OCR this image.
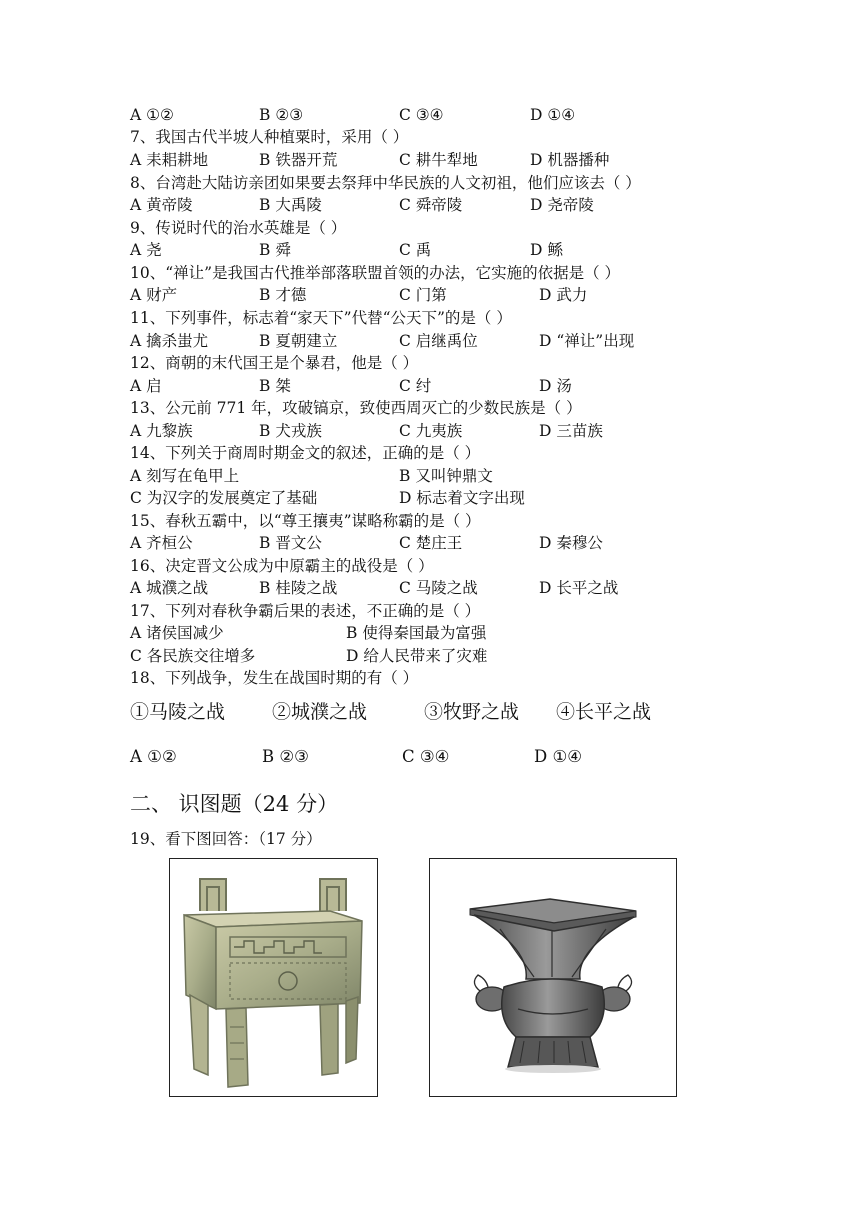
A ①②	B ②③	C ③④	D ①④
7、我国古代半坡人种植粟时，采用（ ）
A 耒耜耕地	B 铁器开荒	C 耕牛犁地	D 机器播种
8、台湾赴大陆访亲团如果要去祭拜中华民族的人文初祖，他们应该去（ ）
A 黄帝陵	B 大禹陵	C 舜帝陵	D 尧帝陵
9、传说时代的治水英雄是（ ）
A 尧	B 舜	C 禹	D 鲧
10、“禅让”是我国古代推举部落联盟首领的办法，它实施的依据是（ ）
A 财产	B 才德	C 门第	D 武力
11、下列事件，标志着“家天下”代替“公天下”的是（ ）
A 擒杀蚩尤	B 夏朝建立	C 启继禹位	D “禅让”出现
12、商朝的末代国王是个暴君，他是（ ）
A 启	B 桀	C 纣	D 汤
13、公元前 771 年，攻破镐京，致使西周灭亡的少数民族是（ ）
A 九黎族	B 犬戎族	C 九夷族	D 三苗族
14、下列关于商周时期金文的叙述，正确的是（ ）
A 刻写在龟甲上	B 又叫钟鼎文
C 为汉字的发展奠定了基础	D 标志着文字出现
15、春秋五霸中，以“尊王攘夷”谋略称霸的是（ ）
A 齐桓公	B 晋文公	C 楚庄王	D 秦穆公
16、决定晋文公成为中原霸主的战役是（ ）
A 城濮之战	B 桂陵之战	C 马陵之战	D 长平之战
17、下列对春秋争霸后果的表述，不正确的是（ ）
A 诸侯国减少	B 使得秦国最为富强
C 各民族交往增多	D 给人民带来了灾难
18、下列战争，发生在战国时期的有（ ）
①马陵之战 ②城濮之战	③牧野之战 ④长平之战
A ①②	B ②③	C ③④	D ①④
二、 识图题（24 分）
19、看下图回答：（17 分）
